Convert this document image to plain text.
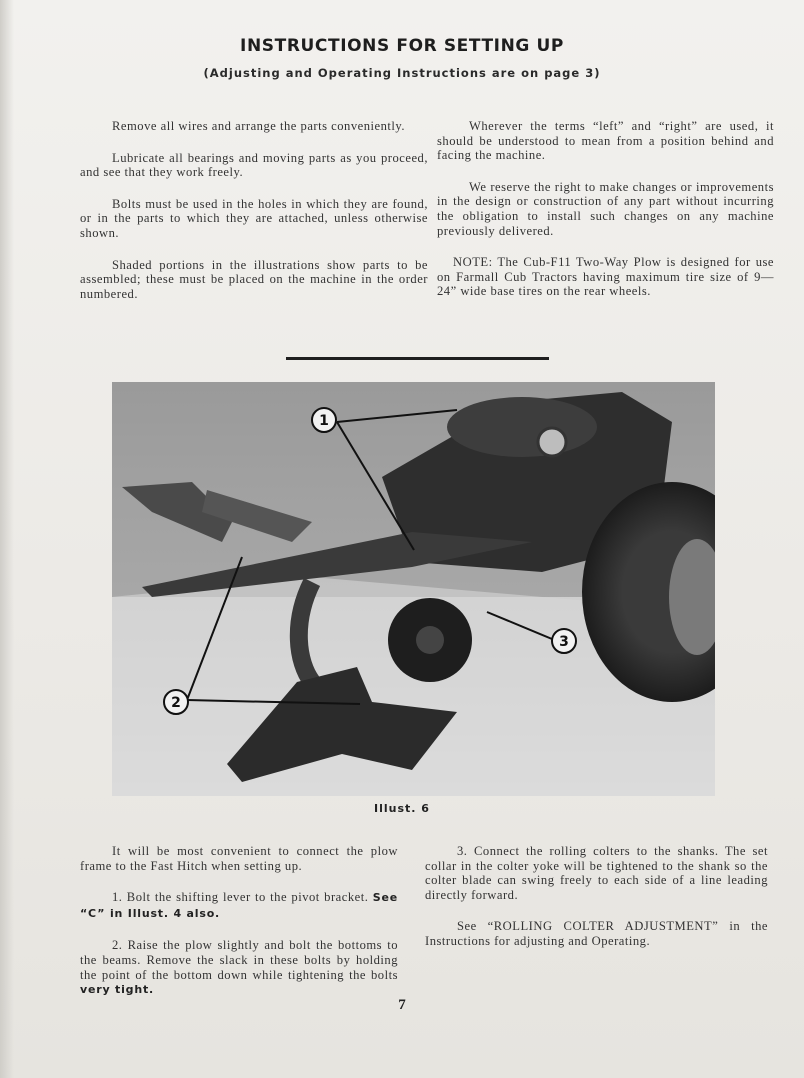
INSTRUCTIONS FOR SETTING UP
(Adjusting and Operating Instructions are on page 3)

Remove all wires and arrange the parts conveniently.

Lubricate all bearings and moving parts as you proceed, and see that they work freely.

Bolts must be used in the holes in which they are found, or in the parts to which they are attached, unless otherwise shown.

Shaded portions in the illustrations show parts to be assembled; these must be placed on the machine in the order numbered.

Wherever the terms “left” and “right” are used, it should be understood to mean from a position behind and facing the machine.

We reserve the right to make changes or improvements in the design or construction of any part without incurring the obligation to install such changes on any machine previously delivered.

NOTE: The Cub-F11 Two-Way Plow is designed for use on Farmall Cub Tractors having maximum tire size of 9—24” wide base tires on the rear wheels.

1
2
3
Illust. 6

It will be most convenient to connect the plow frame to the Fast Hitch when setting up.

1. Bolt the shifting lever to the pivot bracket. See “C” in Illust. 4 also.

2. Raise the plow slightly and bolt the bottoms to the beams. Remove the slack in these bolts by holding the point of the bottom down while tightening the bolts very tight.

3. Connect the rolling colters to the shanks. The set collar in the colter yoke will be tightened to the shank so the colter blade can swing freely to each side of a line leading directly forward.

See “ROLLING COLTER ADJUSTMENT” in the Instructions for adjusting and Operating.

7
